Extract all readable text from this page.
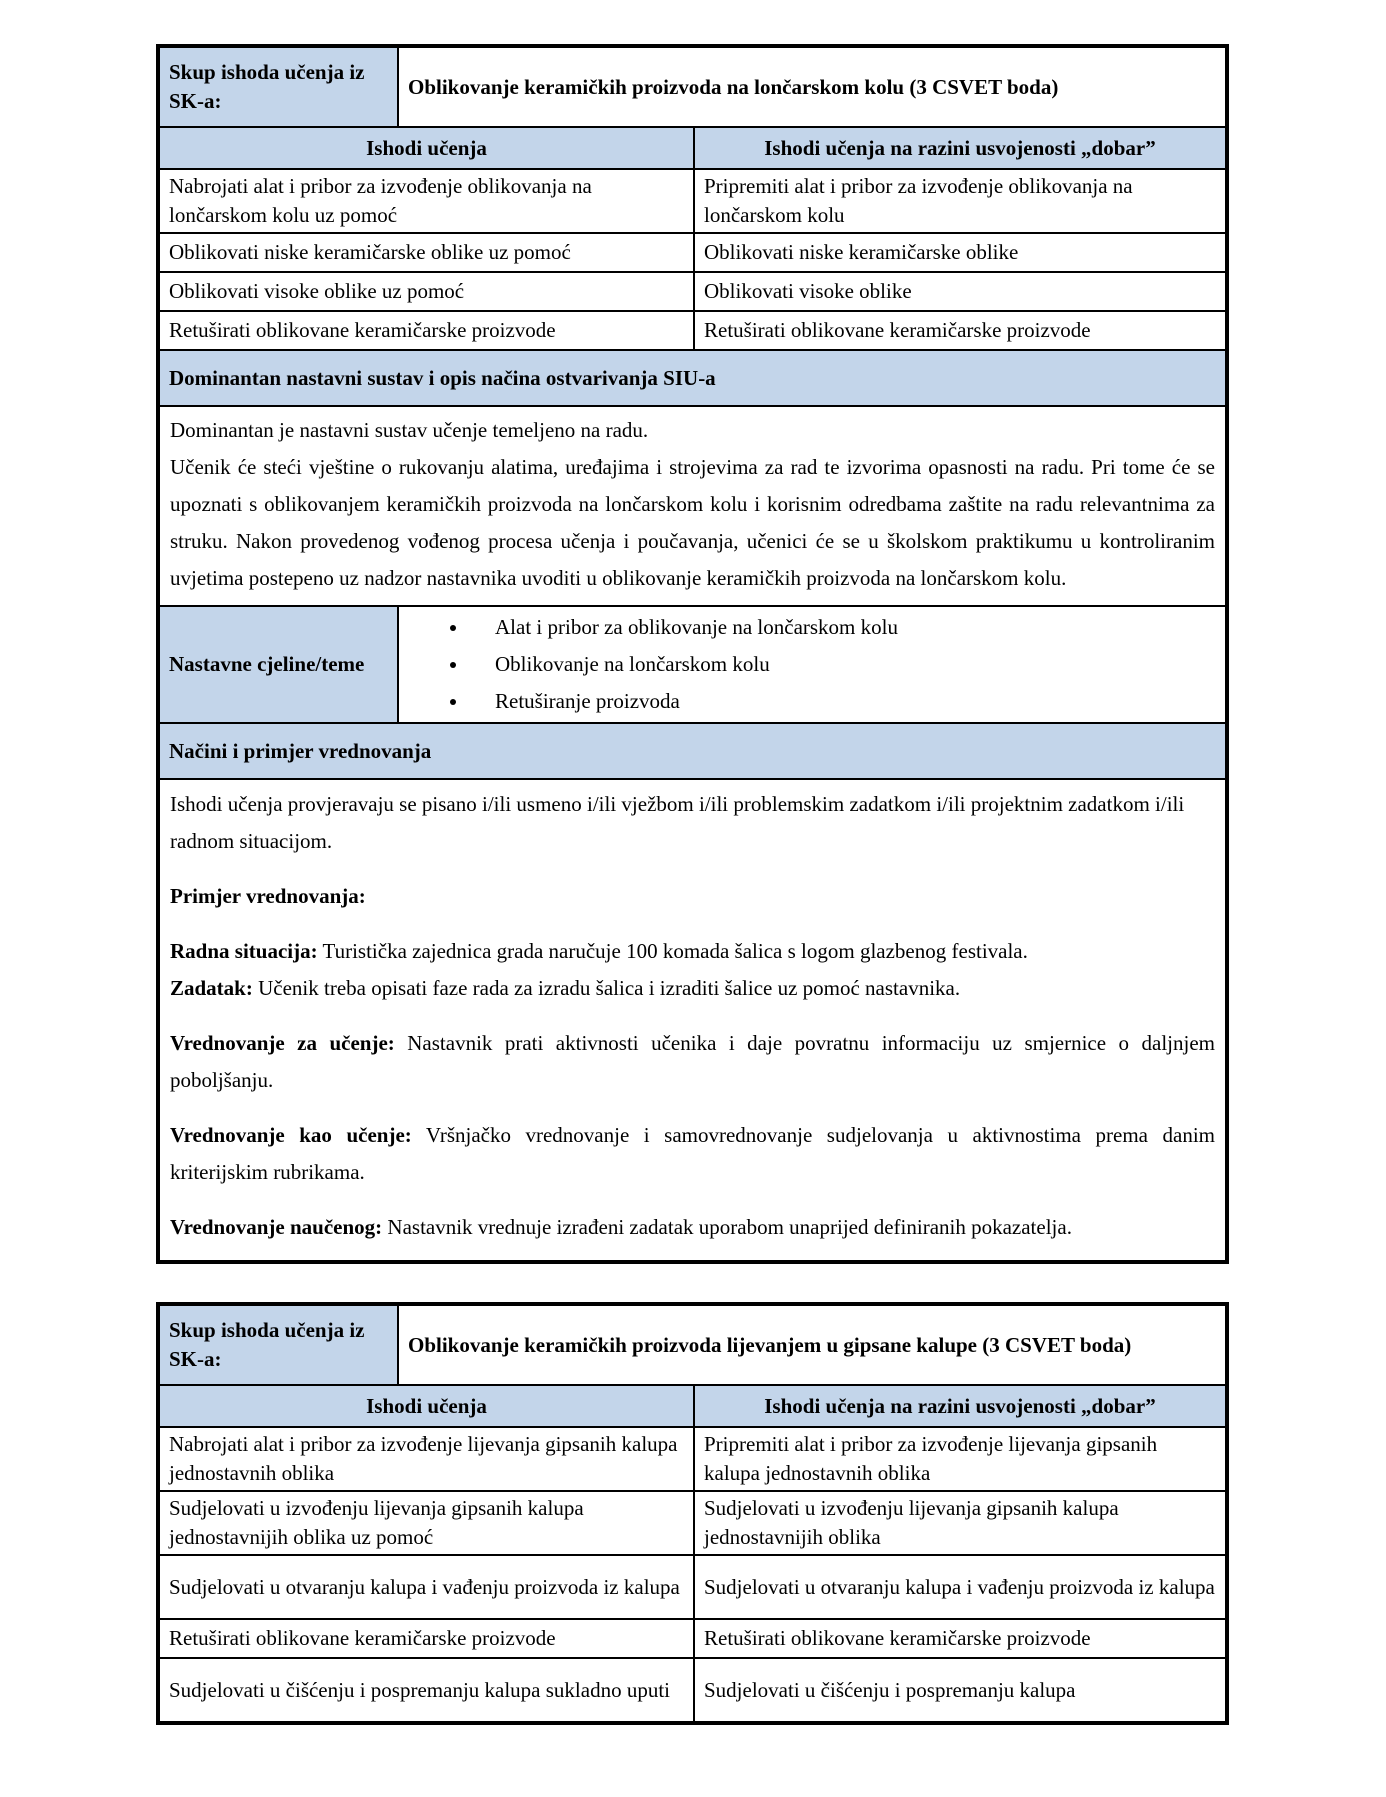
Skup ishoda učenja iz SK-a:	Oblikovanje keramičkih proizvoda na lončarskom kolu (3 CSVET boda)	
Ishodi učenja		Ishodi učenja na razini usvojenosti „dobar”
Nabrojati alat i pribor za izvođenje oblikovanja na lončarskom kolu uz pomoć		Pripremiti alat i pribor za izvođenje oblikovanja na lončarskom kolu
Oblikovati niske keramičarske oblike uz pomoć		Oblikovati niske keramičarske oblike
Oblikovati visoke oblike uz pomoć		Oblikovati visoke oblike
Retuširati oblikovane keramičarske proizvode		Retuširati oblikovane keramičarske proizvode
Dominantan nastavni sustav i opis načina ostvarivanja SIU-a		

Dominantan je nastavni sustav učenje temeljeno na radu.

Učenik će steći vještine o rukovanju alatima, uređajima i strojevima za rad te izvorima opasnosti na radu. Pri tome će se upoznati s oblikovanjem keramičkih proizvoda na lončarskom kolu i korisnim odredbama zaštite na radu relevantnima za struku. Nakon provedenog vođenog procesa učenja i poučavanja, učenici će se u školskom praktikumu u kontroliranim uvjetima postepeno uz nadzor nastavnika uvoditi u oblikovanje keramičkih proizvoda na lončarskom kolu.		

Nastavne cjeline/teme	
• Alat i pribor za oblikovanje na lončarskom kolu
• Oblikovanje na lončarskom kolu
• Retuširanje proizvoda

Načini i primjer vrednovanja		

Ishodi učenja provjeravaju se pisano i/ili usmeno i/ili vježbom i/ili problemskim zadatkom i/ili projektnim zadatkom i/ili radnom situacijom.

Primjer vrednovanja:

Radna situacija: Turistička zajednica grada naručuje 100 komada šalica s logom glazbenog festivala.

Zadatak: Učenik treba opisati faze rada za izradu šalica i izraditi šalice uz pomoć nastavnika.

Vrednovanje za učenje: Nastavnik prati aktivnosti učenika i daje povratnu informaciju uz smjernice o daljnjem poboljšanju.

Vrednovanje kao učenje: Vršnjačko vrednovanje i samovrednovanje sudjelovanja u aktivnostima prema danim kriterijskim rubrikama.

Vrednovanje naučenog: Nastavnik vrednuje izrađeni zadatak uporabom unaprijed definiranih pokazatelja.

Skup ishoda učenja iz SK-a:	Oblikovanje keramičkih proizvoda lijevanjem u gipsane kalupe (3 CSVET boda)	
Ishodi učenja		Ishodi učenja na razini usvojenosti „dobar”
Nabrojati alat i pribor za izvođenje lijevanja gipsanih kalupa jednostavnih oblika		Pripremiti alat i pribor za izvođenje lijevanja gipsanih kalupa jednostavnih oblika
Sudjelovati u izvođenju lijevanja gipsanih kalupa jednostavnijih oblika uz pomoć		Sudjelovati u izvođenju lijevanja gipsanih kalupa jednostavnijih oblika
Sudjelovati u otvaranju kalupa i vađenju proizvoda iz kalupa		Sudjelovati u otvaranju kalupa i vađenju proizvoda iz kalupa
Retuširati oblikovane keramičarske proizvode		Retuširati oblikovane keramičarske proizvode
Sudjelovati u čišćenju i pospremanju kalupa sukladno uputi		Sudjelovati u čišćenju i pospremanju kalupa
